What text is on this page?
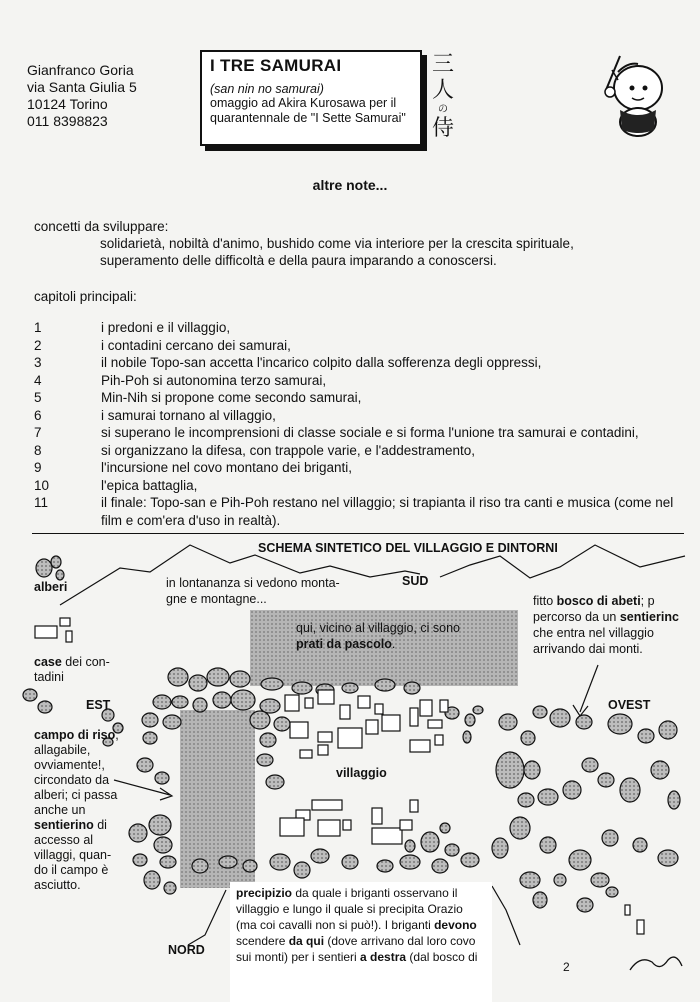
Gianfranco Goria
via Santa Giulia 5
10124 Torino
011 8398823
I TRE SAMURAI
(san nin no samurai)
omaggio ad Akira Kurosawa per il
quarantennale de "I Sette Samurai"
三
人
の
侍
altre note...
concetti da sviluppare:
solidarietà, nobiltà d'animo, bushido come via interiore per la crescita spirituale,
superamento delle difficoltà e della paura imparando a conoscersi.
capitoli principali:
1	i predoni e il villaggio,
2	i contadini cercano dei samurai,
3	il nobile Topo-san accetta l'incarico colpito dalla sofferenza degli oppressi,
4	Pih-Poh si autonomina terzo samurai,
5	Min-Nih si propone come secondo samurai,
6	i samurai tornano al villaggio,
7	si superano le incomprensioni di classe sociale e si forma l'unione tra samurai e contadini,
8	si organizzano la difesa, con trappole varie, e l'addestramento,
9	l'incursione nel covo montano dei briganti,
10	l'epica battaglia,
11	il finale: Topo-san e Pih-Poh restano nel villaggio; si trapianta il riso tra canti e musica (come nel film e com'era d'uso in realtà).
SCHEMA SINTETICO DEL VILLAGGIO E DINTORNI
alberi
case dei con-
tadini
in lontananza si vedono monta-
gne e montagne...
SUD
EST	OVEST
NORD
villaggio
qui, vicino al villaggio, ci sono
prati da pascolo.
fitto bosco di abeti; p
percorso da un sentierinc
che entra nel villaggio
arrivando dai monti.
campo di riso,
allagabile,
ovviamente!,
circondato da
alberi; ci passa
anche un
sentierino di
accesso al
villaggi, quan-
do il campo è
asciutto.
precipizio da quale i briganti osservano il
villaggio e lungo il quale si precipita Orazio
(ma coi cavalli non si può!). I briganti devono
scendere da qui (dove arrivano dal loro covo
sui monti) per i sentieri a destra (dal bosco di
2
